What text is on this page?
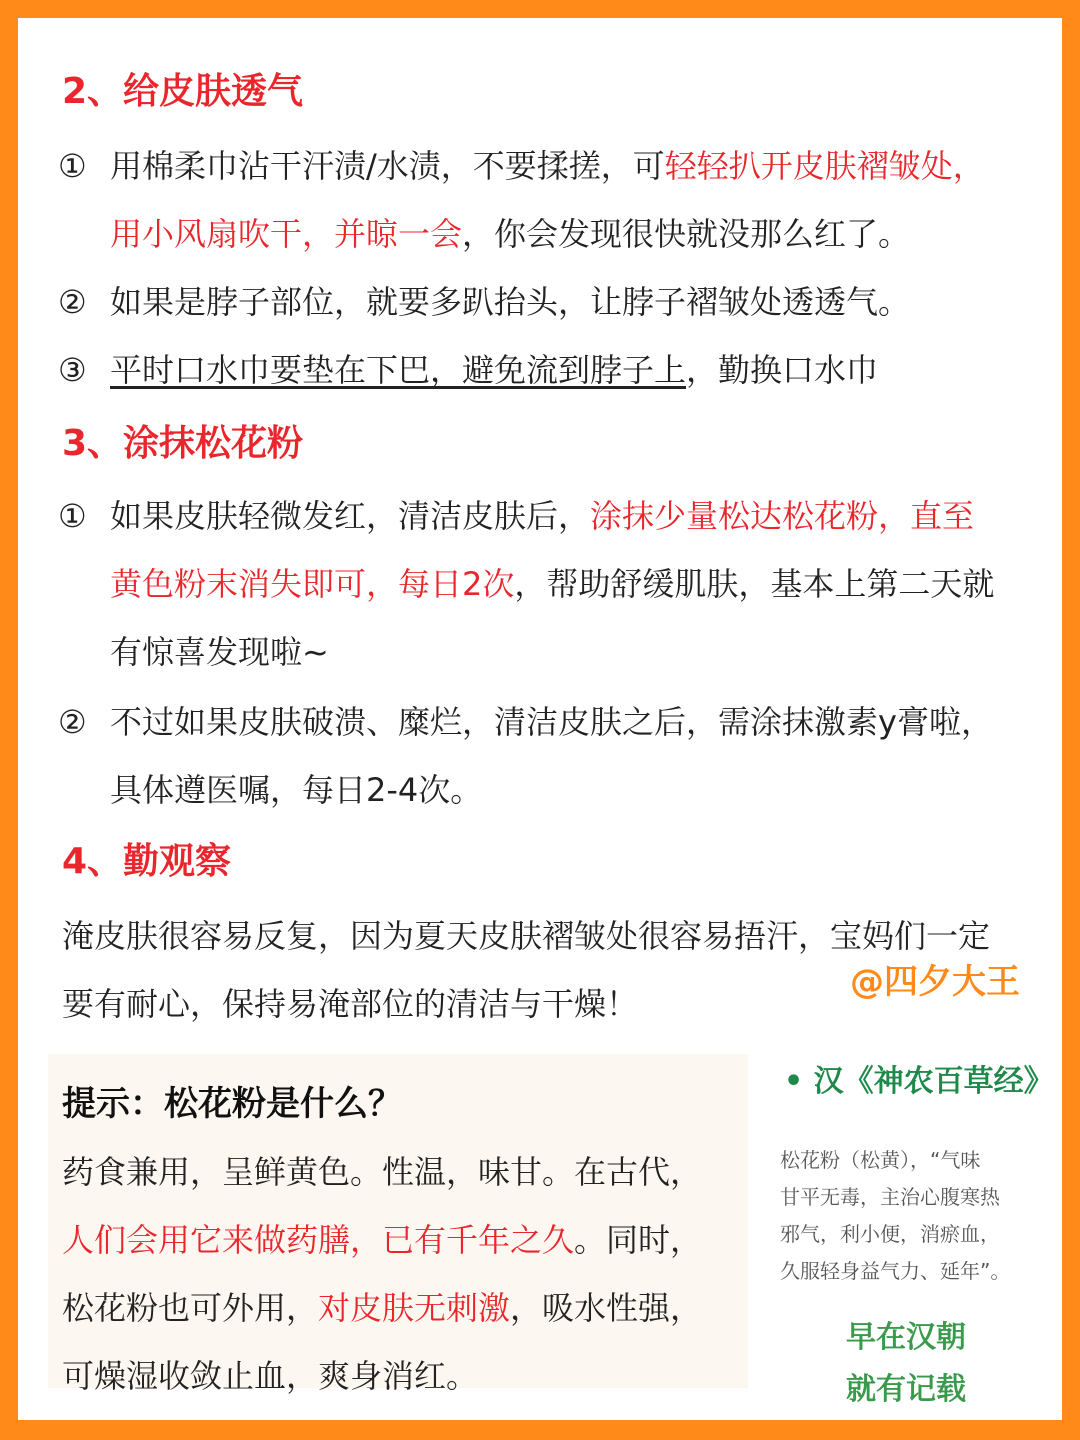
2、给皮肤透气
① 用棉柔巾沾干汗渍/水渍，不要揉搓，可轻轻扒开皮肤褶皱处，
用小风扇吹干，并晾一会，你会发现很快就没那么红了。
② 如果是脖子部位，就要多趴抬头，让脖子褶皱处透透气。
③ 平时口水巾要垫在下巴，避免流到脖子上，勤换口水巾
3、涂抹松花粉
① 如果皮肤轻微发红，清洁皮肤后，涂抹少量松达松花粉，直至
黄色粉末消失即可，每日2次，帮助舒缓肌肤，基本上第二天就
有惊喜发现啦~
② 不过如果皮肤破溃、糜烂，清洁皮肤之后，需涂抹激素y膏啦，
具体遵医嘱，每日2-4次。
4、勤观察
淹皮肤很容易反复，因为夏天皮肤褶皱处很容易捂汗，宝妈们一定
要有耐心，保持易淹部位的清洁与干燥！
@四夕大王
提示：松花粉是什么？
药食兼用，呈鲜黄色。性温，味甘。在古代，
人们会用它来做药膳，已有千年之久。同时，
松花粉也可外用，对皮肤无刺激，吸水性强，
可燥湿收敛止血，爽身消红。
• 汉《神农百草经》
松花粉（松黄），“气味
甘平无毒，主治心腹寒热
邪气，利小便，消瘀血，
久服轻身益气力、延年”。
早在汉朝
就有记载
